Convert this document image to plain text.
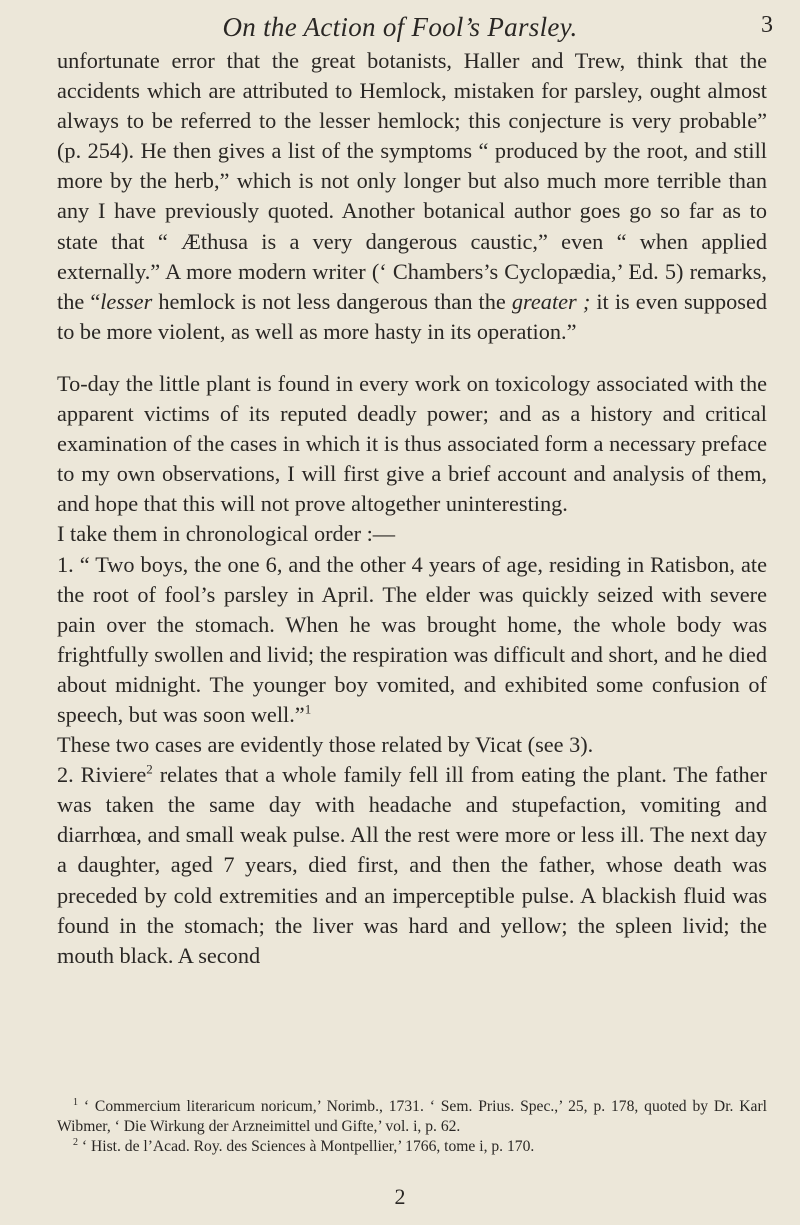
On the Action of Fool’s Parsley.	3

unfortunate error that the great botanists, Haller and Trew, think that the accidents which are attributed to Hemlock, mistaken for parsley, ought almost always to be referred to the lesser hemlock; this conjecture is very probable” (p. 254). He then gives a list of the symptoms “ produced by the root, and still more by the herb,” which is not only longer but also much more terrible than any I have previously quoted. Another botanical author goes go so far as to state that “ Æthusa is a very dangerous caustic,” even “ when applied externally.” A more modern writer (‘ Chambers’s Cyclopædia,’ Ed. 5) remarks, the “lesser hemlock is not less dangerous than the greater ; it is even supposed to be more violent, as well as more hasty in its operation.”

To-day the little plant is found in every work on toxicology associated with the apparent victims of its reputed deadly power; and as a history and critical examination of the cases in which it is thus associated form a necessary preface to my own observations, I will first give a brief account and analysis of them, and hope that this will not prove altogether uninteresting.

I take them in chronological order :—

1. “ Two boys, the one 6, and the other 4 years of age, residing in Ratisbon, ate the root of fool’s parsley in April. The elder was quickly seized with severe pain over the stomach. When he was brought home, the whole body was frightfully swollen and livid; the respiration was difficult and short, and he died about midnight. The younger boy vomited, and exhibited some confusion of speech, but was soon well.”$^1$

These two cases are evidently those related by Vicat (see 3).

2. Riviere$^2$ relates that a whole family fell ill from eating the plant. The father was taken the same day with headache and stupefaction, vomiting and diarrhœa, and small weak pulse. All the rest were more or less ill. The next day a daughter, aged 7 years, died first, and then the father, whose death was preceded by cold extremities and an imperceptible pulse. A blackish fluid was found in the stomach; the liver was hard and yellow; the spleen livid; the mouth black. A second

$^1$ ‘ Commercium literaricum noricum,’ Norimb., 1731. ‘ Sem. Prius. Spec.,’ 25, p. 178, quoted by Dr. Karl Wibmer, ‘ Die Wirkung der Arzneimittel und Gifte,’ vol. i, p. 62.

$^2$ ‘ Hist. de l’Acad. Roy. des Sciences à Montpellier,’ 1766, tome i, p. 170.

2
